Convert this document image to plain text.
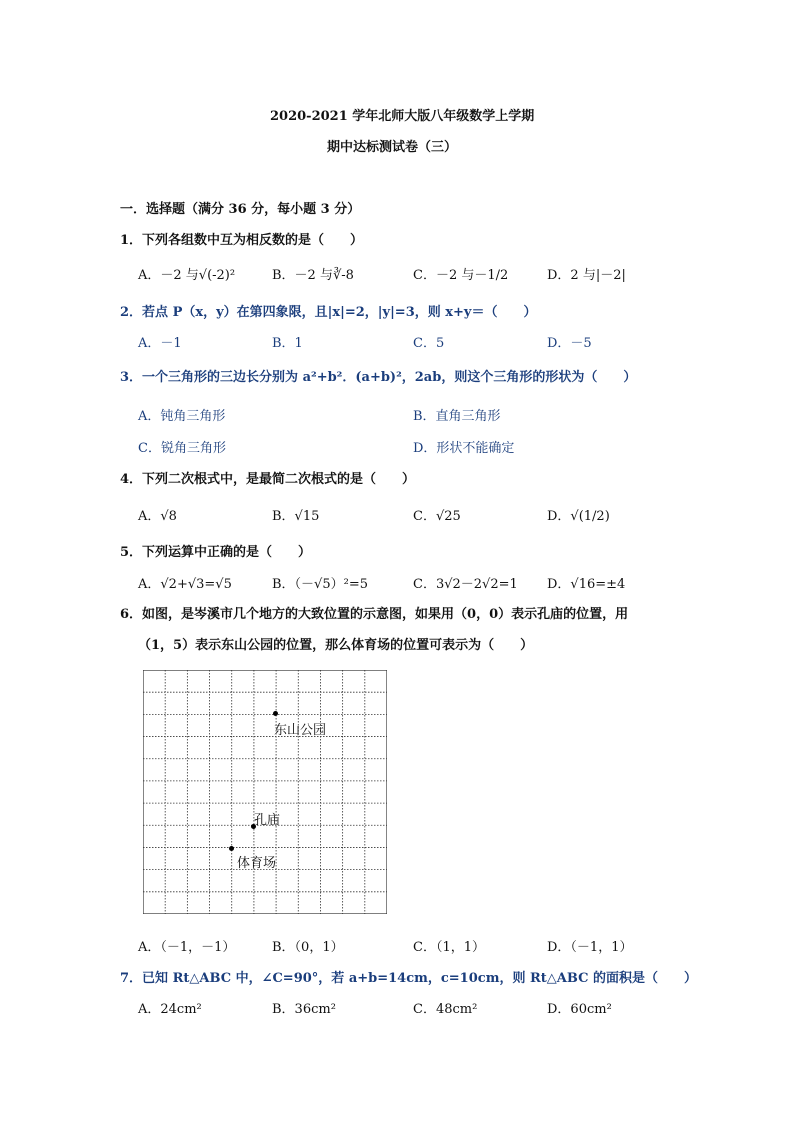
2020-2021 学年北师大版八年级数学上学期
期中达标测试卷（三）
一．选择题（满分 36 分，每小题 3 分）
1．下列各组数中互为相反数的是（　　）
A．－2 与√(-2)²	B．－2 与∛-8	C．－2 与－1/2	D．2 与|－2|
2．若点 P（x，y）在第四象限，且|x|=2，|y|=3，则 x+y＝（　　）
A．－1	B．1	C．5	D．－5
3．一个三角形的三边长分别为 a²+b²．(a+b)²，2ab，则这个三角形的形状为（　　）
A．钝角三角形	B．直角三角形
C．锐角三角形	D．形状不能确定
4．下列二次根式中，是最简二次根式的是（　　）
A．√8	B．√15	C．√25	D．√(1/2)
5．下列运算中正确的是（　　）
A．√2+√3=√5	B．（－√5）²=5	C．3√2－2√2=1 D．√16=±4
6．如图，是岑溪市几个地方的大致位置的示意图，如果用（0，0）表示孔庙的位置，用
（1，5）表示东山公园的位置，那么体育场的位置可表示为（　　）
东山公园
孔庙
体育场
A．（－1，－1）	B．（0，1）	C．（1，1）	D．（－1，1）
7．已知 Rt△ABC 中，∠C=90°，若 a+b=14cm，c=10cm，则 Rt△ABC 的面积是（　　）
A．24cm²	B．36cm²	C．48cm²	D．60cm²
